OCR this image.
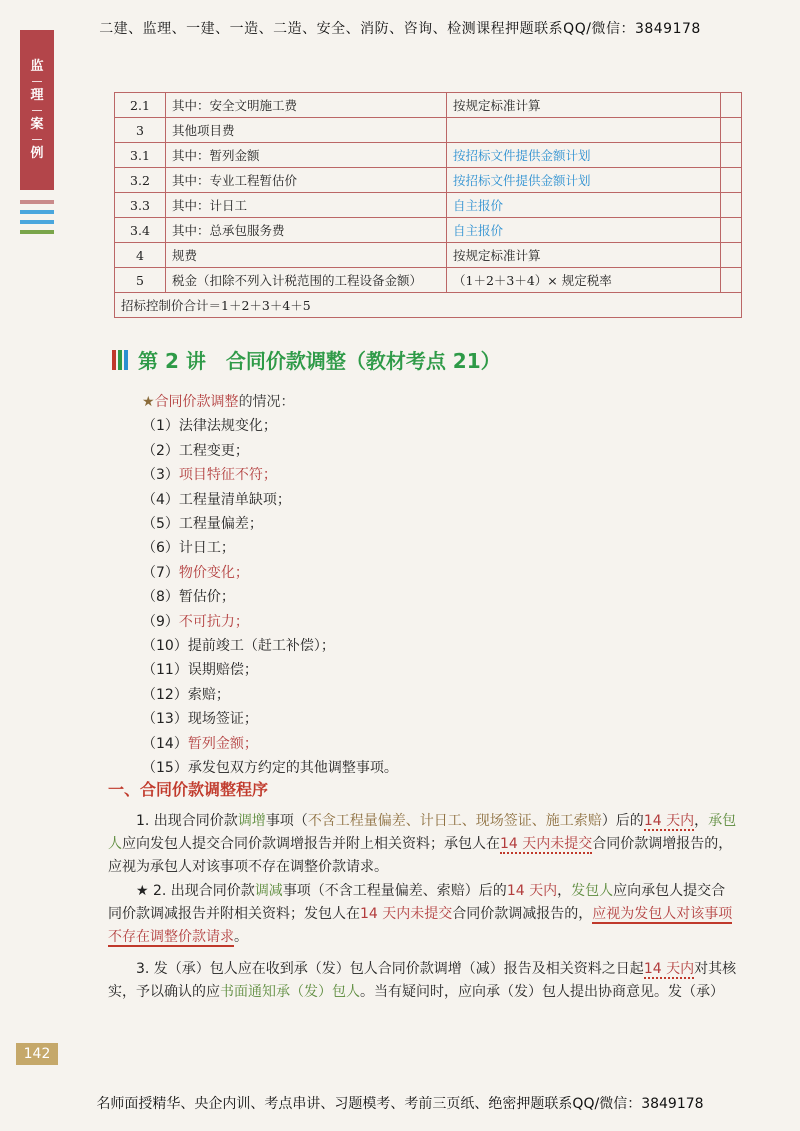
二建、监理、一建、一造、二造、安全、消防、咨询、检测课程押题联系QQ/微信：3849178
监
理
案
例
2.1	其中：安全文明施工费	按规定标准计算	
3	其他项目费		
3.1	其中：暂列金额	按招标文件提供金额计划	
3.2	其中：专业工程暂估价	按招标文件提供金额计划	
3.3	其中：计日工	自主报价	
3.4	其中：总承包服务费	自主报价	
4	规费	按规定标准计算	
5	税金（扣除不列入计税范围的工程设备金额）	（1＋2＋3＋4）× 规定税率	
招标控制价合计＝1＋2＋3＋4＋5			
第 2 讲　合同价款调整（教材考点 21）
★合同价款调整的情况：
（1）法律法规变化；
（2）工程变更；
（3）项目特征不符；
（4）工程量清单缺项；
（5）工程量偏差；
（6）计日工；
（7）物价变化；
（8）暂估价；
（9）不可抗力；
（10）提前竣工（赶工补偿）；
（11）误期赔偿；
（12）索赔；
（13）现场签证；
（14）暂列金额；
（15）承发包双方约定的其他调整事项。
一、合同价款调整程序
1. 出现合同价款调增事项（不含工程量偏差、计日工、现场签证、施工索赔）后的14 天内，承包人应向发包人提交合同价款调增报告并附上相关资料；承包人在14 天内未提交合同价款调增报告的，应视为承包人对该事项不存在调整价款请求。
★ 2. 出现合同价款调减事项（不含工程量偏差、索赔）后的14 天内，发包人应向承包人提交合同价款调减报告并附相关资料；发包人在14 天内未提交合同价款调减报告的，应视为发包人对该事项不存在调整价款请求。
3. 发（承）包人应在收到承（发）包人合同价款调增（减）报告及相关资料之日起14 天内对其核实，予以确认的应书面通知承（发）包人。当有疑问时，应向承（发）包人提出协商意见。发（承）
142
名师面授精华、央企内训、考点串讲、习题模考、考前三页纸、绝密押题联系QQ/微信：3849178
